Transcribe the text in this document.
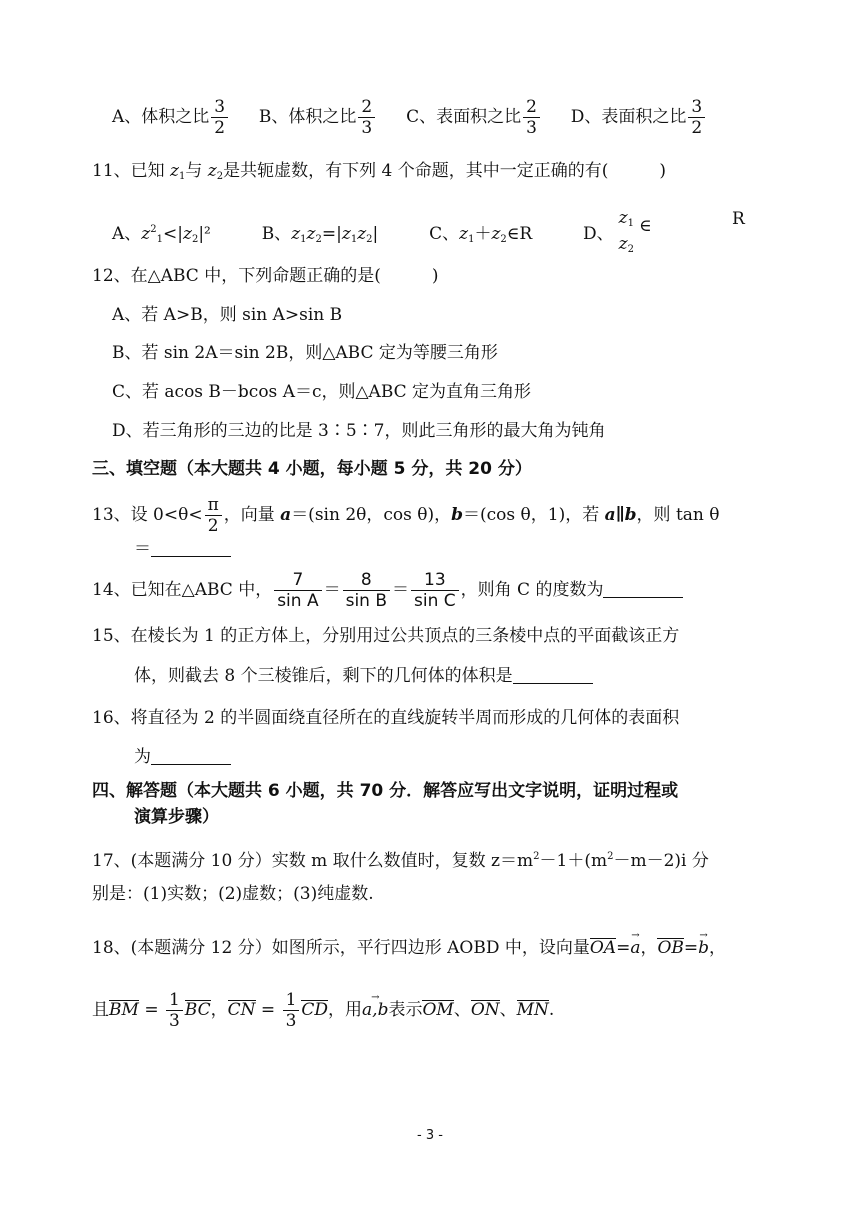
A、体积之比 $\frac{3}{2}$ B、体积之比 $\frac{2}{3}$ C、表面积之比 $\frac{2}{3}$ D、表面积之比 $\frac{3}{2}$
11、已知 $z_1$与 $z_2$是共轭虚数，有下列 4 个命题，其中一定正确的有(　　　)
A、$z^2_1<|z_2|^2$	B、$z_1z_2=|z_1z_2|$	C、$z_1+z_2\in R$	D、
$z_1$
$z_2$
∈	R
12、在△ABC 中，下列命题正确的是(　　　)
A、若 A>B，则 sin A>sin B
B、若 sin 2A＝sin 2B，则△ABC 定为等腰三角形
C、若 acos B－bcos A＝c，则△ABC 定为直角三角形
D、若三角形的三边的比是 3∶5∶7，则此三角形的最大角为钝角
三、填空题（本大题共 4 小题，每小题 5 分，共 20 分）
13、设 $0<\theta< \frac{\pi}{2}$ ，向量 a＝(sin 2θ，cos θ)，b＝(cos θ，1)，若 a∥b，则 tan θ
＝
14、已知在△ABC 中， $\frac{7}{\text{sin A}} = \frac{8}{\text{sin B}} = \frac{13}{\text{sin C}}$ ，则角 C 的度数为
15、在棱长为 1 的正方体上，分别用过公共顶点的三条棱中点的平面截该正方
体，则截去 8 个三棱锥后，剩下的几何体的体积是
16、将直径为 2 的半圆面绕直径所在的直线旋转半周而形成的几何体的表面积
为
四、解答题（本大题共 6 小题，共 70 分．解答应写出文字说明，证明过程或
演算步骤）
17、(本题满分 10 分）实数 m 取什么数值时，复数 $z=m^2-1+(m^2-m-2)i$ 分
别是：(1)实数；(2)虚数；(3)纯虚数.
18、(本题满分 12 分）如图所示，平行四边形 AOBD 中，设向量OA=→ a，OB=→ b，
且BM = $\frac{1}{3}$ BC，CN = $\frac{1}{3}$ CD，用→ a,b表示OM、ON、MN.
- 3 -
